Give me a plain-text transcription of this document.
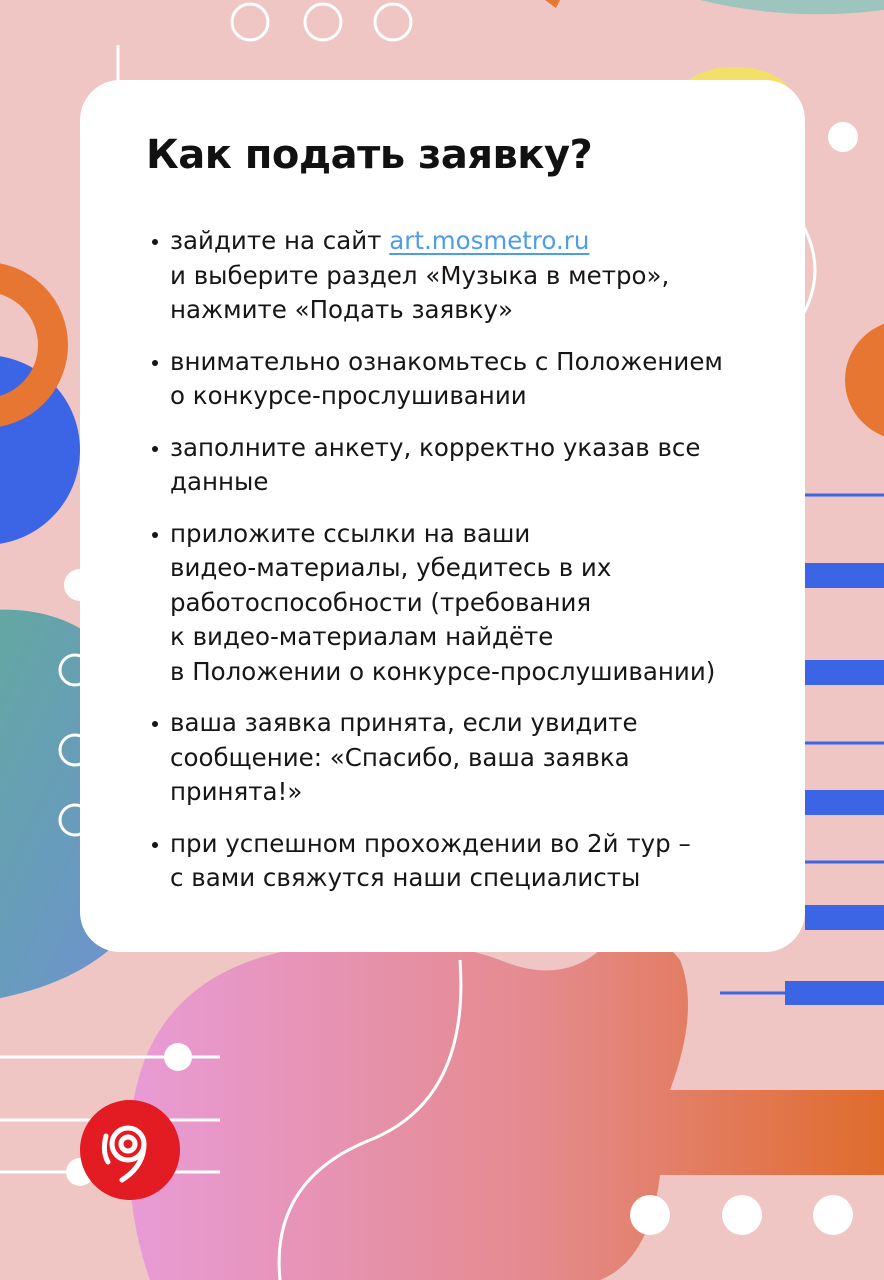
Как подать заявку?
зайдите на сайт art.mosmetro.ru
и выберите раздел «Музыка в метро»,
нажмите «Подать заявку»
внимательно ознакомьтесь с Положением
о конкурсе-прослушивании
заполните анкету, корректно указав все
данные
приложите ссылки на ваши
видео-материалы, убедитесь в их
работоспособности (требования
к видео-материалам найдёте
в Положении о конкурсе-прослушивании)
ваша заявка принята, если увидите
сообщение: «Спасибо, ваша заявка
принята!»
при успешном прохождении во 2й тур –
с вами свяжутся наши специалисты
